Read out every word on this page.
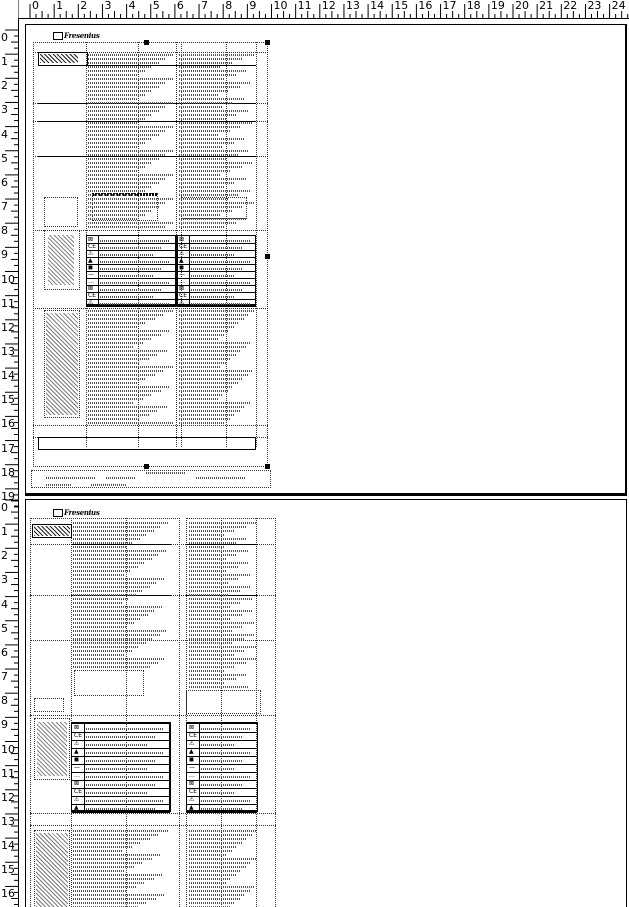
0 1 2 3 4 5 6 7 8 9 10 11 12 13 14 15 16 17 18 19 20 21 22 23 24
0
1
2
3
4
5
6
7
8
9
10
11
12
13
14
15
16
17
18
19
0
1
2
3
4
5
6
7
8
9
10
11
12
13
14
15
16
Fresenius
⊠
CE
⚠
▲
◼
—
…
⊠
CE
⚠
⊠
CE
⚠
▲
◼
—
…
⊠
CE
⚠
Fresenius
⊠
CE
⚠
▲
◼
—
…
⊠
CE
⚠
▲
⊠
CE
⚠
▲
◼
—
…
⊠
CE
⚠
▲
